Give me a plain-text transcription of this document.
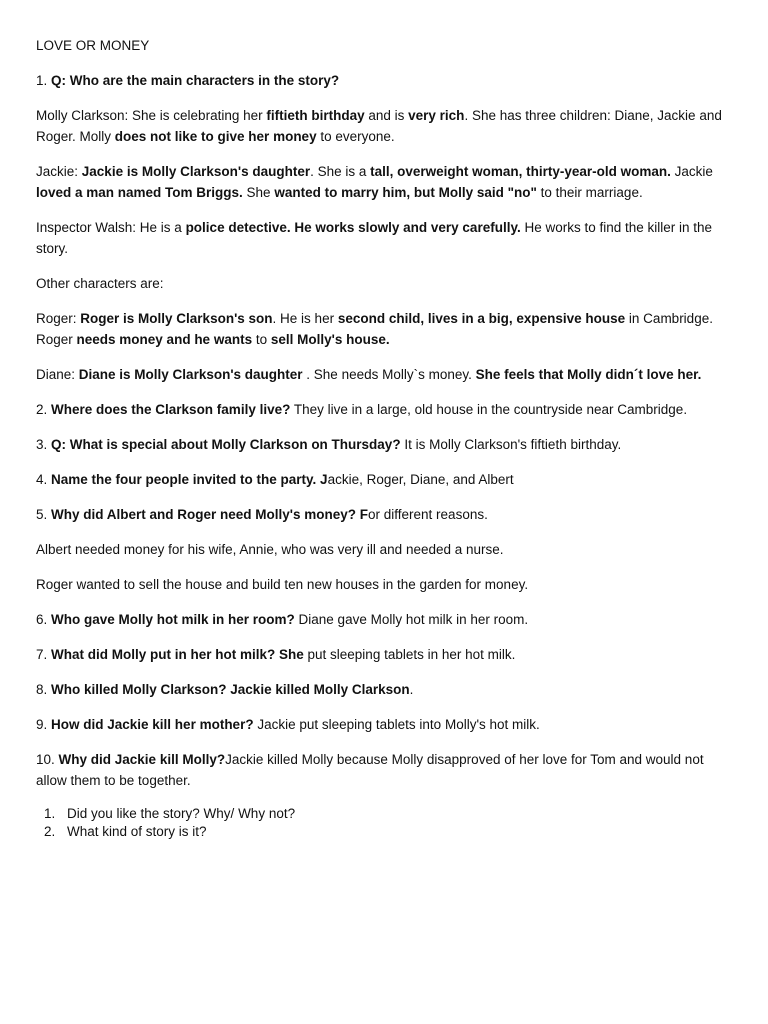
LOVE OR MONEY

1. Q: Who are the main characters in the story?

Molly Clarkson: She is celebrating her fiftieth birthday and is very rich. She has three children: Diane, Jackie and Roger. Molly does not like to give her money to everyone.

Jackie: Jackie is Molly Clarkson's daughter. She is a tall, overweight woman, thirty-year-old woman. Jackie loved a man named Tom Briggs. She wanted to marry him, but Molly said "no" to their marriage.

Inspector Walsh: He is a police detective. He works slowly and very carefully. He works to find the killer in the story.

Other characters are:

Roger: Roger is Molly Clarkson's son. He is her second child, lives in a big, expensive house in Cambridge. Roger needs money and he wants to sell Molly's house.

Diane: Diane is Molly Clarkson's daughter . She needs Molly`s money. She feels that Molly didn´t love her.

2. Where does the Clarkson family live? They live in a large, old house in the countryside near Cambridge.

3. Q: What is special about Molly Clarkson on Thursday? It is Molly Clarkson's fiftieth birthday.

4. Name the four people invited to the party. Jackie, Roger, Diane, and Albert

5. Why did Albert and Roger need Molly's money? For different reasons.

Albert needed money for his wife, Annie, who was very ill and needed a nurse.

Roger wanted to sell the house and build ten new houses in the garden for money.

6. Who gave Molly hot milk in her room? Diane gave Molly hot milk in her room.

7. What did Molly put in her hot milk? She put sleeping tablets in her hot milk.

8. Who killed Molly Clarkson? Jackie killed Molly Clarkson.

9. How did Jackie kill her mother? Jackie put sleeping tablets into Molly's hot milk.

10. Why did Jackie kill Molly?Jackie killed Molly because Molly disapproved of her love for Tom and would not allow them to be together.

1. Did you like the story? Why/ Why not?
2. What kind of story is it?
